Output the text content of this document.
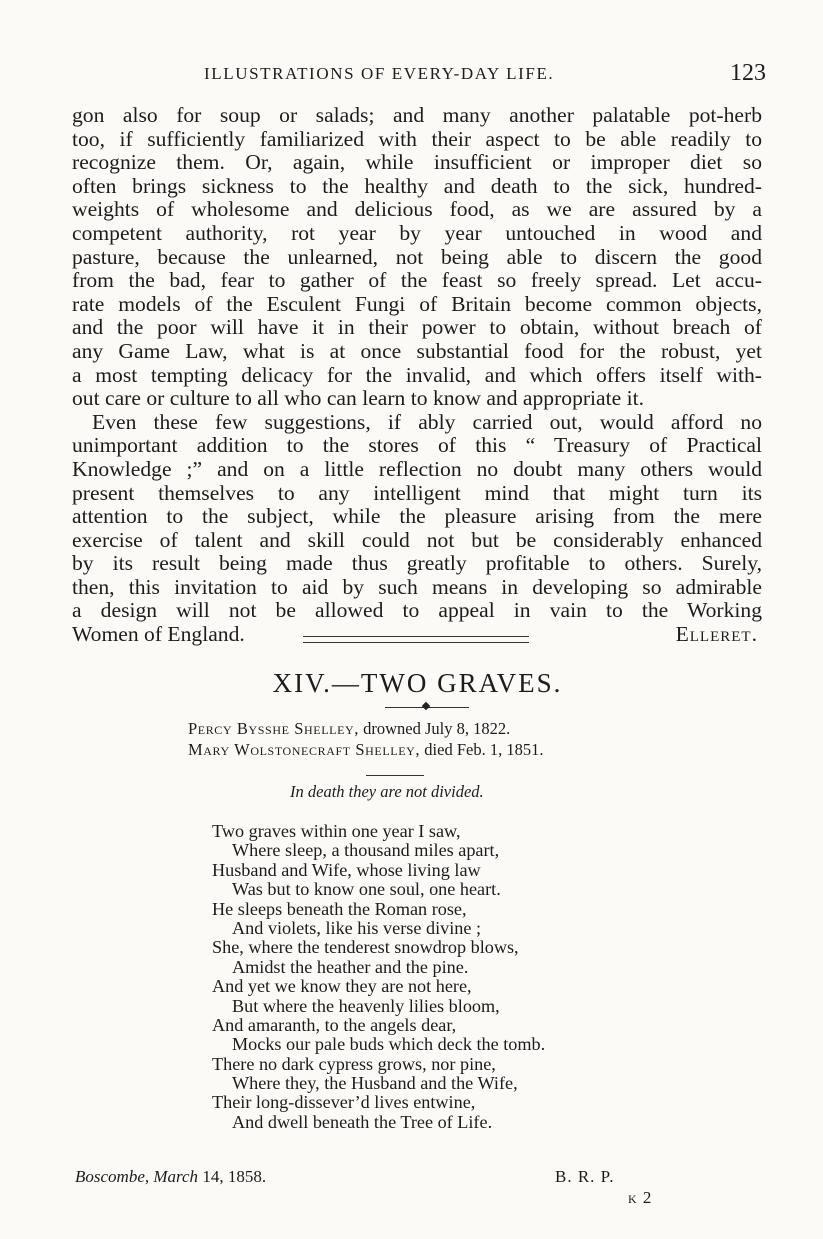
ILLUSTRATIONS OF EVERY-DAY LIFE.	123
gon also for soup or salads; and many another palatable pot-herb
too, if sufficiently familiarized with their aspect to be able readily to
recognize them. Or, again, while insufficient or improper diet so
often brings sickness to the healthy and death to the sick, hundred-
weights of wholesome and delicious food, as we are assured by a
competent authority, rot year by year untouched in wood and
pasture, because the unlearned, not being able to discern the good
from the bad, fear to gather of the feast so freely spread. Let accu-
rate models of the Esculent Fungi of Britain become common objects,
and the poor will have it in their power to obtain, without breach of
any Game Law, what is at once substantial food for the robust, yet
a most tempting delicacy for the invalid, and which offers itself with-
out care or culture to all who can learn to know and appropriate it.
Even these few suggestions, if ably carried out, would afford no
unimportant addition to the stores of this “ Treasury of Practical
Knowledge ;” and on a little reflection no doubt many others would
present themselves to any intelligent mind that might turn its
attention to the subject, while the pleasure arising from the mere
exercise of talent and skill could not but be considerably enhanced
by its result being made thus greatly profitable to others. Surely,
then, this invitation to aid by such means in developing so admirable
a design will not be allowed to appeal in vain to the Working
Women of England.	Elleret.
XIV.—TWO GRAVES.
Percy Bysshe Shelley, drowned July 8, 1822.
Mary Wolstonecraft Shelley, died Feb. 1, 1851.
In death they are not divided.
Two graves within one year I saw,
Where sleep, a thousand miles apart,
Husband and Wife, whose living law
Was but to know one soul, one heart.
He sleeps beneath the Roman rose,
And violets, like his verse divine ;
She, where the tenderest snowdrop blows,
Amidst the heather and the pine.
And yet we know they are not here,
But where the heavenly lilies bloom,
And amaranth, to the angels dear,
Mocks our pale buds which deck the tomb.
There no dark cypress grows, nor pine,
Where they, the Husband and the Wife,
Their long-dissever’d lives entwine,
And dwell beneath the Tree of Life.
Boscombe, March 14, 1858.	B. R. P.
k 2
